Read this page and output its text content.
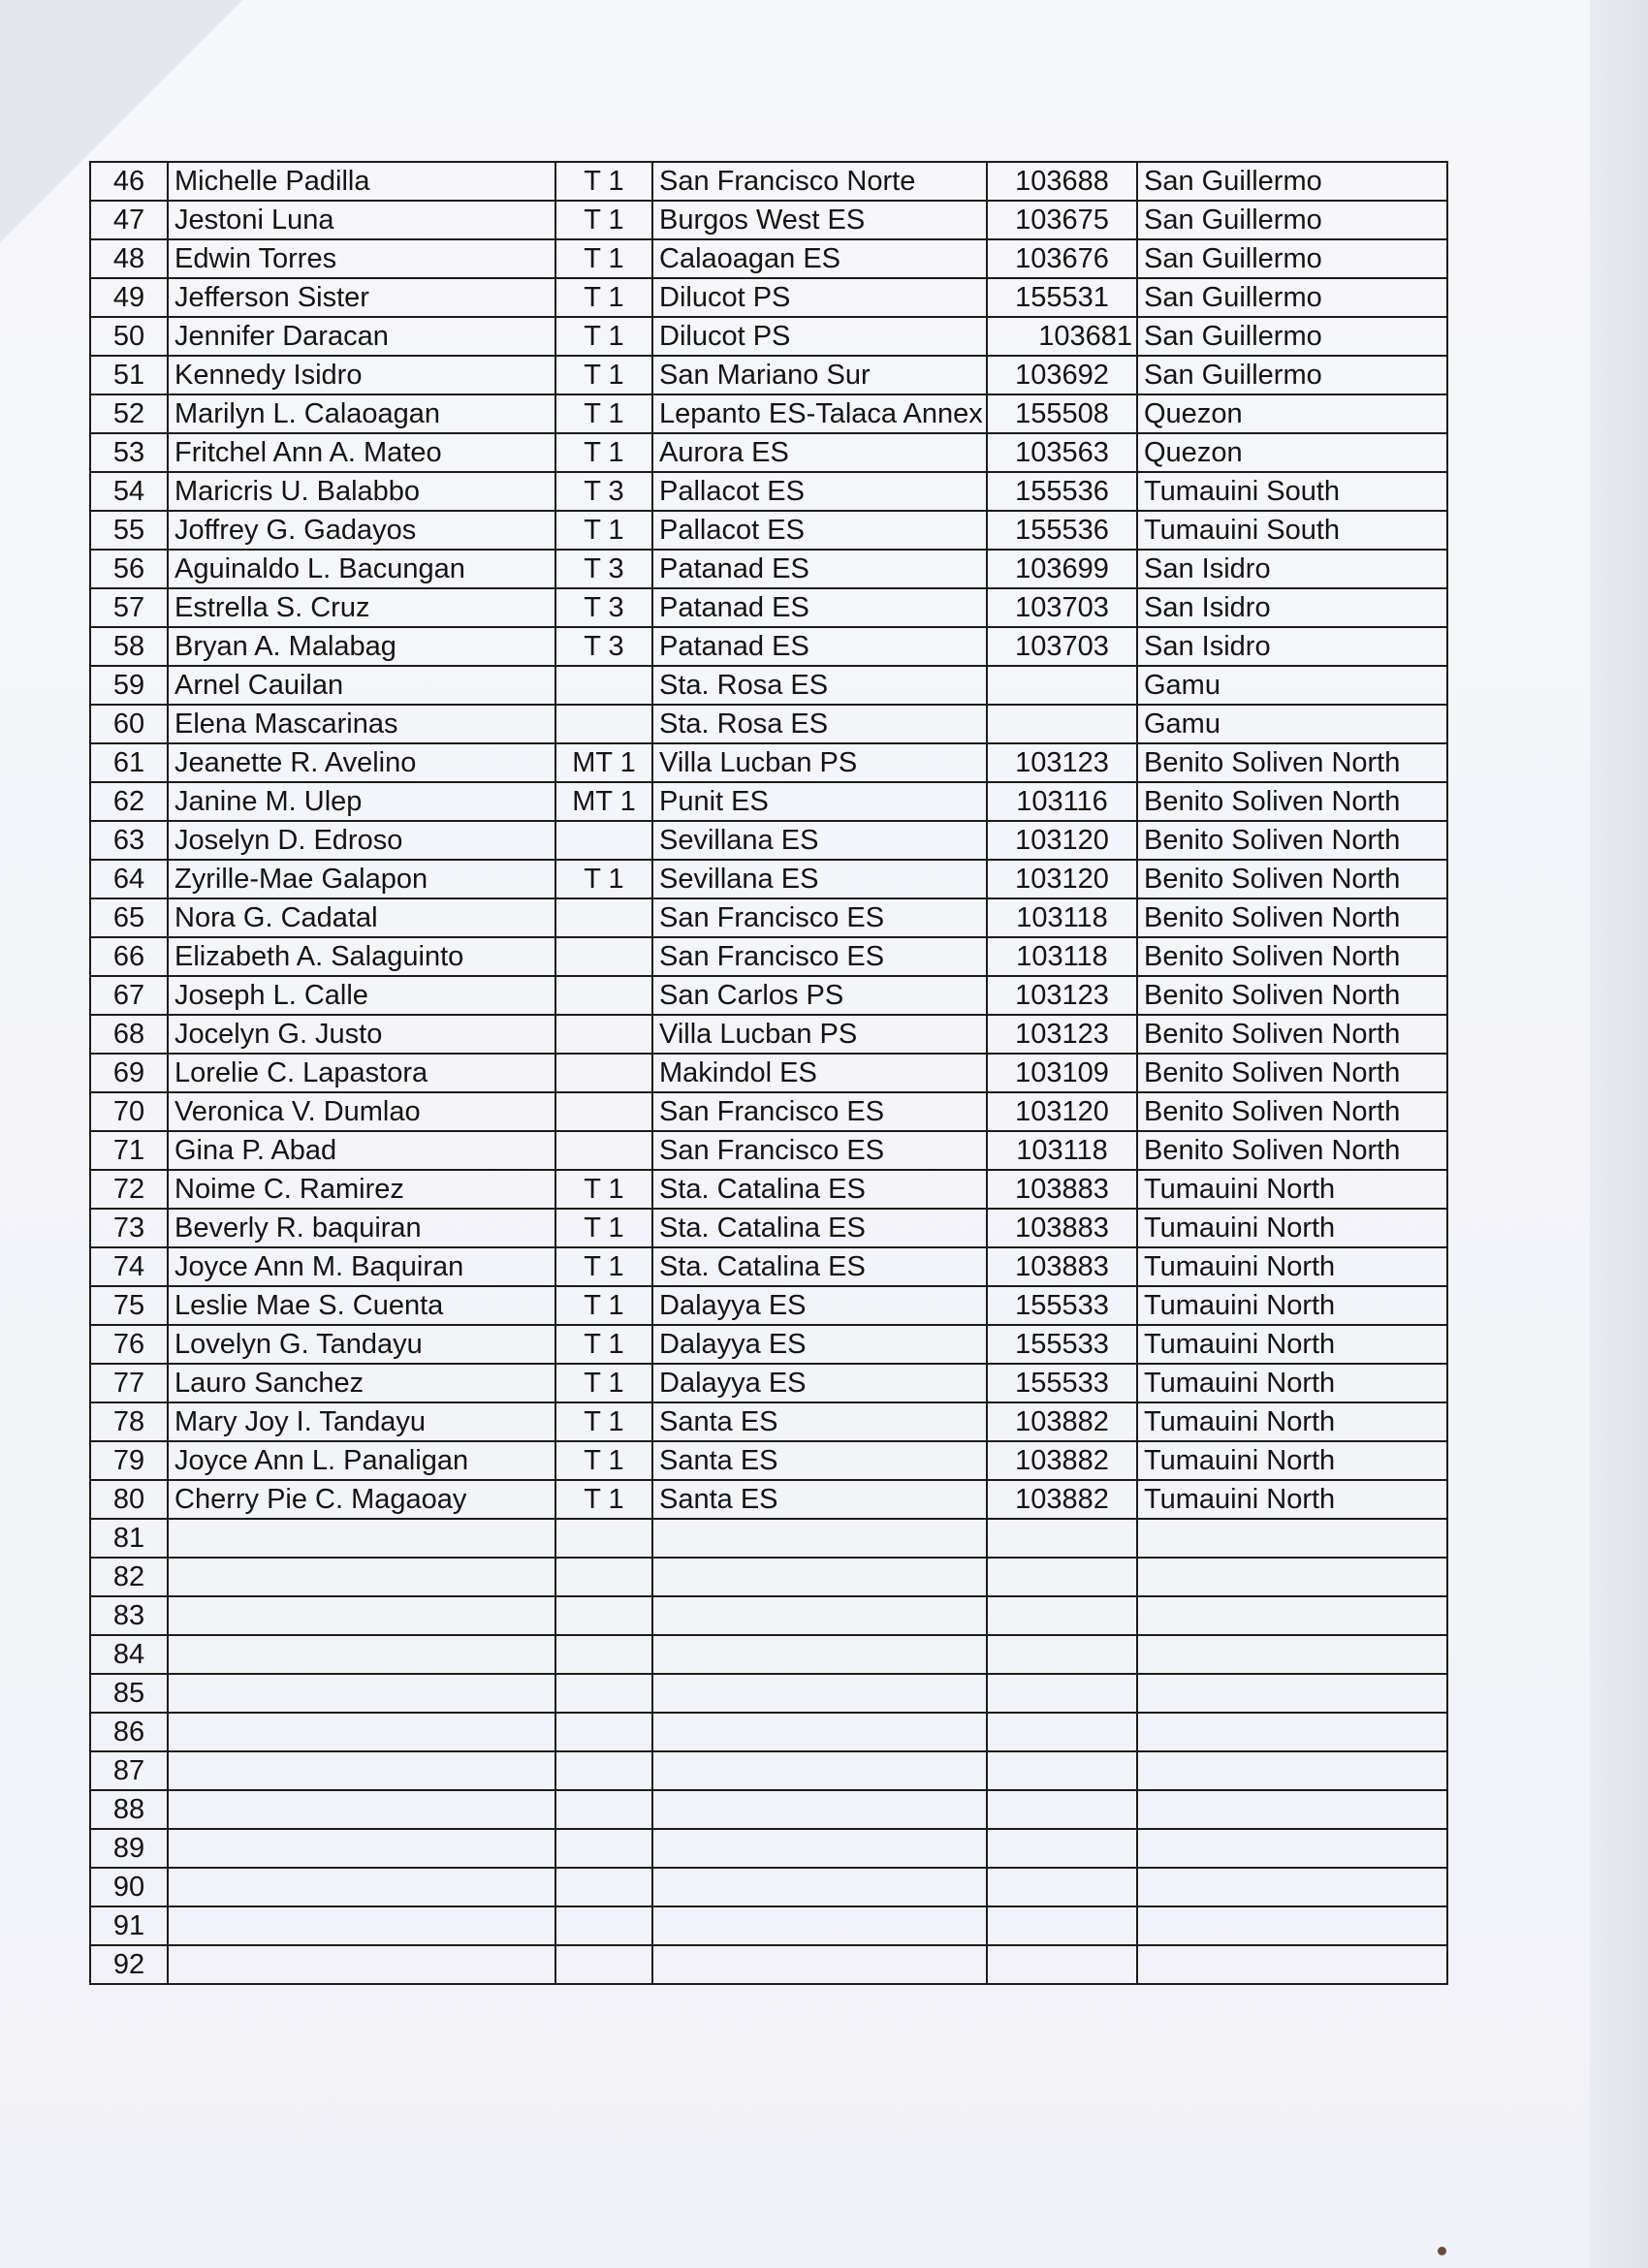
46	Michelle Padilla	T 1	San Francisco Norte	103688	San Guillermo
47	Jestoni Luna	T 1	Burgos West ES	103675	San Guillermo
48	Edwin Torres	T 1	Calaoagan ES	103676	San Guillermo
49	Jefferson Sister	T 1	Dilucot PS	155531	San Guillermo
50	Jennifer Daracan	T 1	Dilucot PS	103681	San Guillermo
51	Kennedy Isidro	T 1	San Mariano Sur	103692	San Guillermo
52	Marilyn L. Calaoagan	T 1	Lepanto ES-Talaca Annex	155508	Quezon
53	Fritchel Ann A. Mateo	T 1	Aurora ES	103563	Quezon
54	Maricris U. Balabbo	T 3	Pallacot ES	155536	Tumauini South
55	Joffrey G. Gadayos	T 1	Pallacot ES	155536	Tumauini South
56	Aguinaldo L. Bacungan	T 3	Patanad ES	103699	San Isidro
57	Estrella S. Cruz	T 3	Patanad ES	103703	San Isidro
58	Bryan A. Malabag	T 3	Patanad ES	103703	San Isidro
59	Arnel Cauilan		Sta. Rosa ES		Gamu
60	Elena Mascarinas		Sta. Rosa ES		Gamu
61	Jeanette R. Avelino	MT 1	Villa Lucban PS	103123	Benito Soliven North
62	Janine M. Ulep	MT 1	Punit ES	103116	Benito Soliven North
63	Joselyn D. Edroso		Sevillana ES	103120	Benito Soliven North
64	Zyrille-Mae Galapon	T 1	Sevillana ES	103120	Benito Soliven North
65	Nora G. Cadatal		San Francisco ES	103118	Benito Soliven North
66	Elizabeth A. Salaguinto		San Francisco ES	103118	Benito Soliven North
67	Joseph L. Calle		San Carlos PS	103123	Benito Soliven North
68	Jocelyn G. Justo		Villa Lucban PS	103123	Benito Soliven North
69	Lorelie C. Lapastora		Makindol ES	103109	Benito Soliven North
70	Veronica V. Dumlao		San Francisco ES	103120	Benito Soliven North
71	Gina P. Abad		San Francisco ES	103118	Benito Soliven North
72	Noime C. Ramirez	T 1	Sta. Catalina ES	103883	Tumauini North
73	Beverly R. baquiran	T 1	Sta. Catalina ES	103883	Tumauini North
74	Joyce Ann M. Baquiran	T 1	Sta. Catalina ES	103883	Tumauini North
75	Leslie Mae S. Cuenta	T 1	Dalayya ES	155533	Tumauini North
76	Lovelyn G. Tandayu	T 1	Dalayya ES	155533	Tumauini North
77	Lauro Sanchez	T 1	Dalayya ES	155533	Tumauini North
78	Mary Joy I. Tandayu	T 1	Santa ES	103882	Tumauini North
79	Joyce Ann L. Panaligan	T 1	Santa ES	103882	Tumauini North
80	Cherry Pie C. Magaoay	T 1	Santa ES	103882	Tumauini North
81					
82					
83					
84					
85					
86					
87					
88					
89					
90					
91					
92					
